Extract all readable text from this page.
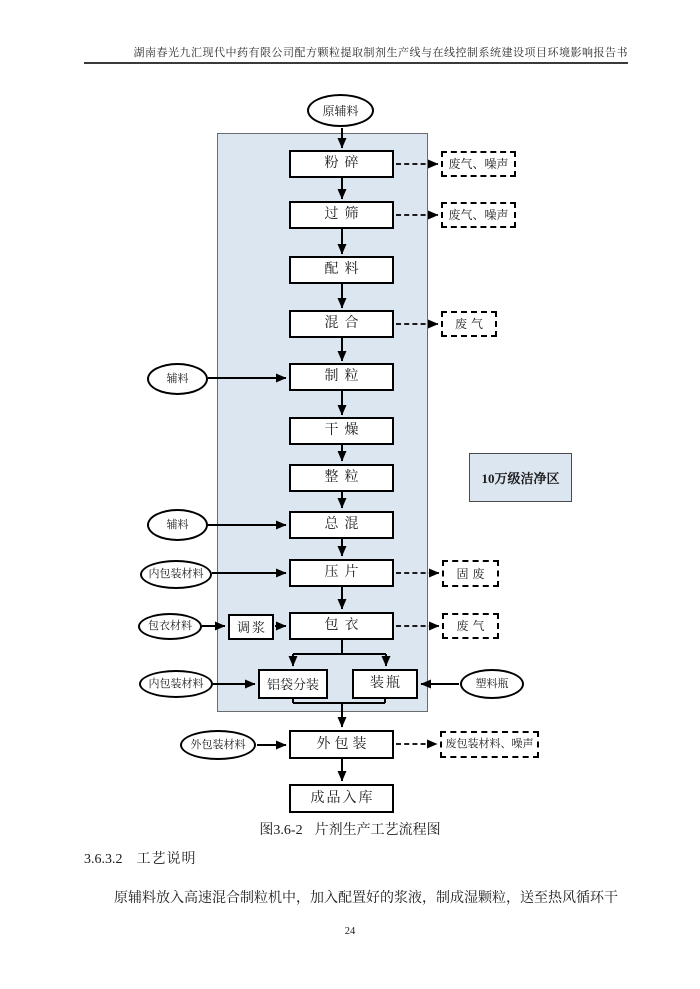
湖南春光九汇现代中药有限公司配方颗粒提取制剂生产线与在线控制系统建设项目环境影响报告书
原辅料
粉碎
过筛
配料
混合
制粒
干燥
整粒
总混
压片
包衣
调浆
铝袋分装	装瓶
外包装
成品入库
辅料
辅料
内包装材料
包衣材料
内包装材料	塑料瓶
外包装材料
废气、噪声
废气、噪声
废气
固废
废气
废包装材料、噪声
10万级洁净区
图3.6-2 片剂生产工艺流程图
3.6.3.2 工艺说明
原辅料放入高速混合制粒机中，加入配置好的浆液，制成湿颗粒，送至热风循环干
24
